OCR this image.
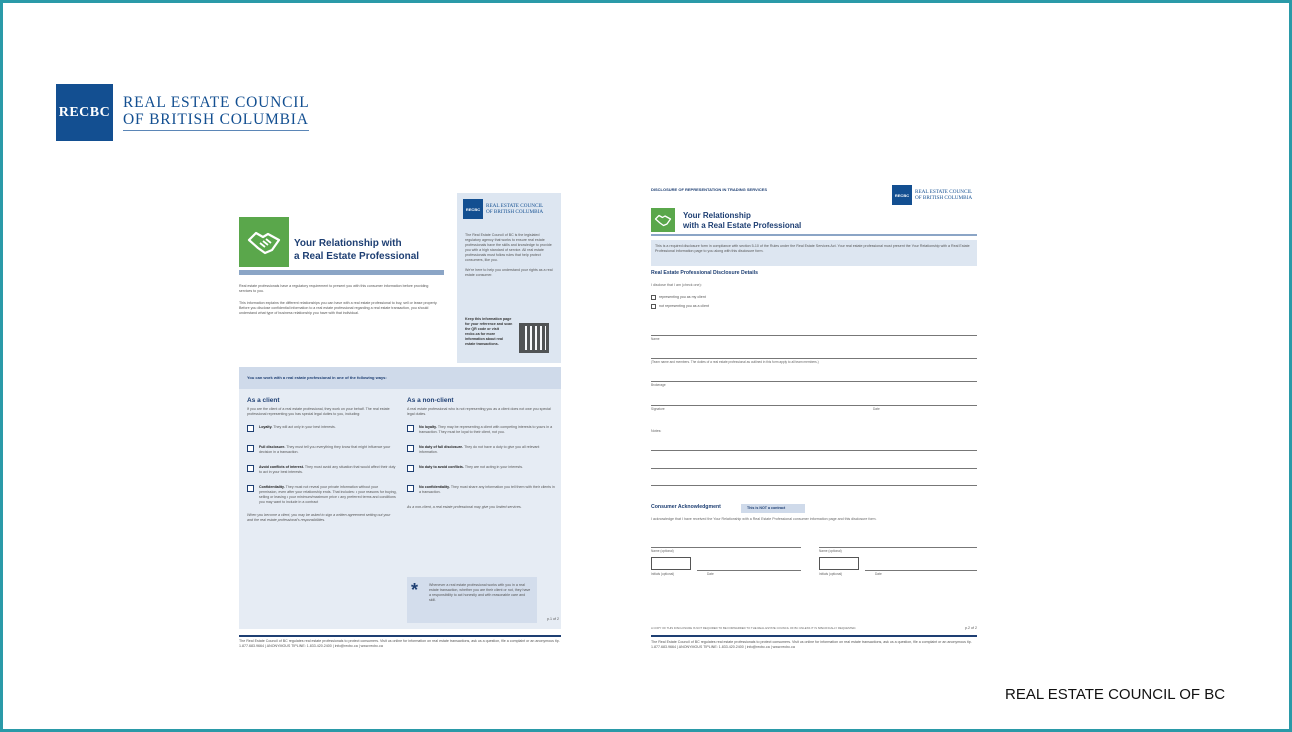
RECBC
REAL ESTATE COUNCIL
OF BRITISH COLUMBIA
Your Relationship with
a Real Estate Professional

Real estate professionals have a regulatory requirement to present you with this consumer information before providing services to you.

This information explains the different relationships you can have with a real estate professional to buy, sell or lease property. Before you disclose confidential information to a real estate professional regarding a real estate transaction, you should understand what type of business relationship you have with that individual.

RECBC	REAL ESTATE COUNCIL
OF BRITISH COLUMBIA

The Real Estate Council of BC is the legislated regulatory agency that works to ensure real estate professionals have the skills and knowledge to provide you with a high standard of service. All real estate professionals must follow rules that help protect consumers, like you.

We're here to help you understand your rights as a real estate consumer.

Keep this information page for your reference and scan the QR code or visit recbc.ca for more information about real estate transactions.
You can work with a real estate professional in one of the following ways:
As a client
If you are the client of a real estate professional, they work on your behalf. The real estate professional representing you has special legal duties to you, including:
Loyalty. They will act only in your best interests.
Full disclosure. They must tell you everything they know that might influence your decision in a transaction.
Avoid conflicts of interest. They must avoid any situation that would affect their duty to act in your best interests.
Confidentiality. They must not reveal your private information without your permission, even after your relationship ends. That includes: • your reasons for buying, selling or leasing • your minimum/maximum price • any preferred terms and conditions you may want to include in a contract
When you become a client, you may be asked to sign a written agreement setting out your and the real estate professional's responsibilities.
As a non-client
A real estate professional who is not representing you as a client does not owe you special legal duties.
No loyalty. They may be representing a client with competing interests to yours in a transaction. They must be loyal to their client, not you.
No duty of full disclosure. They do not have a duty to give you all relevant information.
No duty to avoid conflicts. They are not acting in your interests.
No confidentiality. They must share any information you tell them with their clients in a transaction.
As a non-client, a real estate professional may give you limited services.
*	Whenever a real estate professional works with you in a real estate transaction, whether you are their client or not, they have a responsibility to act honestly and with reasonable care and skill.
p.1 of 2
The Real Estate Council of BC regulates real estate professionals to protect consumers. Visit us online for information on real estate transactions, ask us a question, file a complaint or an anonymous tip. 1.877.683.9664 | ANONYMOUS TIPLINE: 1.833.420.2400 | info@recbc.ca | www.recbc.ca
DISCLOSURE OF REPRESENTATION IN TRADING SERVICES
RECBC	REAL ESTATE COUNCIL
OF BRITISH COLUMBIA
Your Relationship
with a Real Estate Professional
This is a required disclosure form in compliance with section 5-10 of the Rules under the Real Estate Services Act. Your real estate professional must present the Your Relationship with a Real Estate Professional information page to you along with this disclosure form.
Real Estate Professional Disclosure Details
I disclose that I am (check one):
representing you as my client
not representing you as a client
Name
(Team name and members. The duties of a real estate professional as outlined in this form apply to all team members.)
Brokerage
Signature	Date
Notes:
Consumer Acknowledgment	This is NOT a contract
I acknowledge that I have received the Your Relationship with a Real Estate Professional consumer information page and this disclosure form.
Name (optional)
Initials (optional)	Date
Name (optional)
Initials (optional)	Date
A COPY OF THIS DISCLOSURE IS NOT REQUIRED TO BE FORWARDED TO THE REAL ESTATE COUNCIL OF BC UNLESS IT IS SPECIFICALLY REQUESTED.	p.2 of 2
The Real Estate Council of BC regulates real estate professionals to protect consumers. Visit us online for information on real estate transactions, ask us a question, file a complaint or an anonymous tip. 1.877.683.9664 | ANONYMOUS TIPLINE: 1.833.420.2400 | info@recbc.ca | www.recbc.ca
REAL ESTATE COUNCIL OF BC
